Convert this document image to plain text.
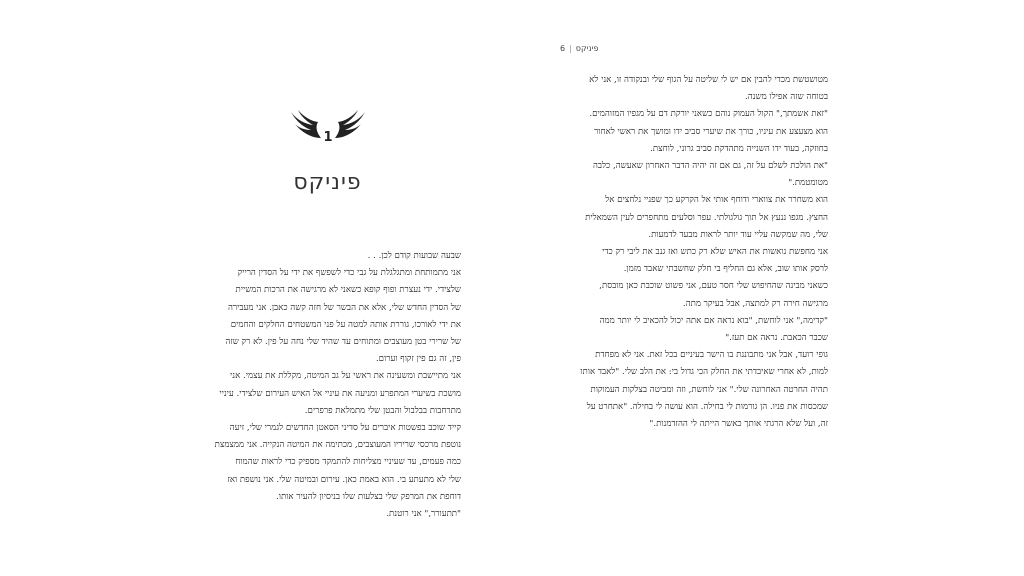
1
פיניקס

שבעה שבועות קודם לכן. . .

אני מתמותחת ומתגלגלת על גבי כדי לשפשף את ידי על הסדין הרייק

שלצידי. ידי נעצרת ופוף קופא כשאני לא מרגישה את הרכות המשיית

של הסדין החדש שלי, אלא את הבשר של חזה קשה כאבן. אני מעבירה

את ידי לאורכו, גוררת אותה למטה על פני המשטחים החלקים והחמים

של שרירי בטן מעוצבים ומתוחים עד שהיד שלי נחה על פין. לא רק שזה

פין, זה גם פין זקוף וערום.

אני מתיישבת ומשעינה את ראשי על גב המיטה, מקללת את עצמי. אני

מושכת בשיערי המתפרע ומניעה את עיניי אל האיש העירום שלצידי. עיניי

מתרחבות בבלבול והבטן שלי מתמלאת פרפרים.

קייד שוכב בפשטות איברים על סדיני הסאטן החדשים לגמרי שלי, זיעה

נוטפת מרכסי שריריו המעוצבים, מכתימה את המיטה הנקייה. אני ממצמצת

כמה פעמים, עד שעיניי מצליחות להתמקד מספיק כדי לראות שהמוח

שלי לא מתעתע בי. הוא באמת כאן. עירום ובמיטה שלי. אני נושפת ואז

דוחפת את המרפק שלי בצלעות שלו בניסיון להעיר אותו.

"תתעורר," אני רוטנת.

פיניקס|6

מטושטשת מכדי להבין אם יש לי שליטה על הגוף שלי ובנקודה זו, אני לא

בטוחה שזה אפילו משנה.

"זאת אשמתך," הקול העמוק נוהם כשאני יורקת דם על מגפיו המזוהמים.

הוא מצעצע את עיניו, כורך את שיערי סביב ידו ומושך את ראשי לאחור

בחוזקה, בעוד ידו השנייה מתהדקת סביב גרוני, לוחצת.

"את הולכת לשלם על זה, גם אם זה יהיה הדבר האחרון שאעשה, כלבה

מטומטמת."

הוא משחרר את צווארי ודוחף אותי אל הקרקע כך שפניי נלחצים אל

החצץ. מגפו ננעץ אל תוך גולגולתי. עפר וסלעים מתחפרים לעין השמאלית

שלי, מה שמקשה עליי עוד יותר לראות מבעד לדמעות.

אני מחפשת נואשות את האיש שלא רק כתש ואז גנב את ליבי רק כדי

לרסק אותו שוב, אלא גם החליף בי חלק שחשבתי שאבד מזמן.

כשאני מבינה שהחיפוש שלי חסר טעם, אני פשוט שוכבת כאן מובסת,

מרגישה חירה רק למתצה, אבל בעיקר מתה.

"קדימה," אני לוחשת, "בוא נראה אם אתה יכול להכאיב לי יותר ממה

שכבר הכאבת. נראה אם תעז."

גופי רועד, אבל אני מתבוננת בו הישר בעיניים בכל זאת. אני לא מפחדת

למות, לא אחרי שאיבדתי את החלק הכי גדול בי: את הלב שלי. "לאבד אותו

תהיה החרטה האחרונה שלי." אני לוחשת, וזה ומביטה בצלקות העמוקות

שמכסות את פניו. הן גורמות לי בחילה. הוא עושה לי בחילה. "אתחרט על

זה, ועל שלא הרגתי אותך כאשר הייתה לי ההזדמנות."
